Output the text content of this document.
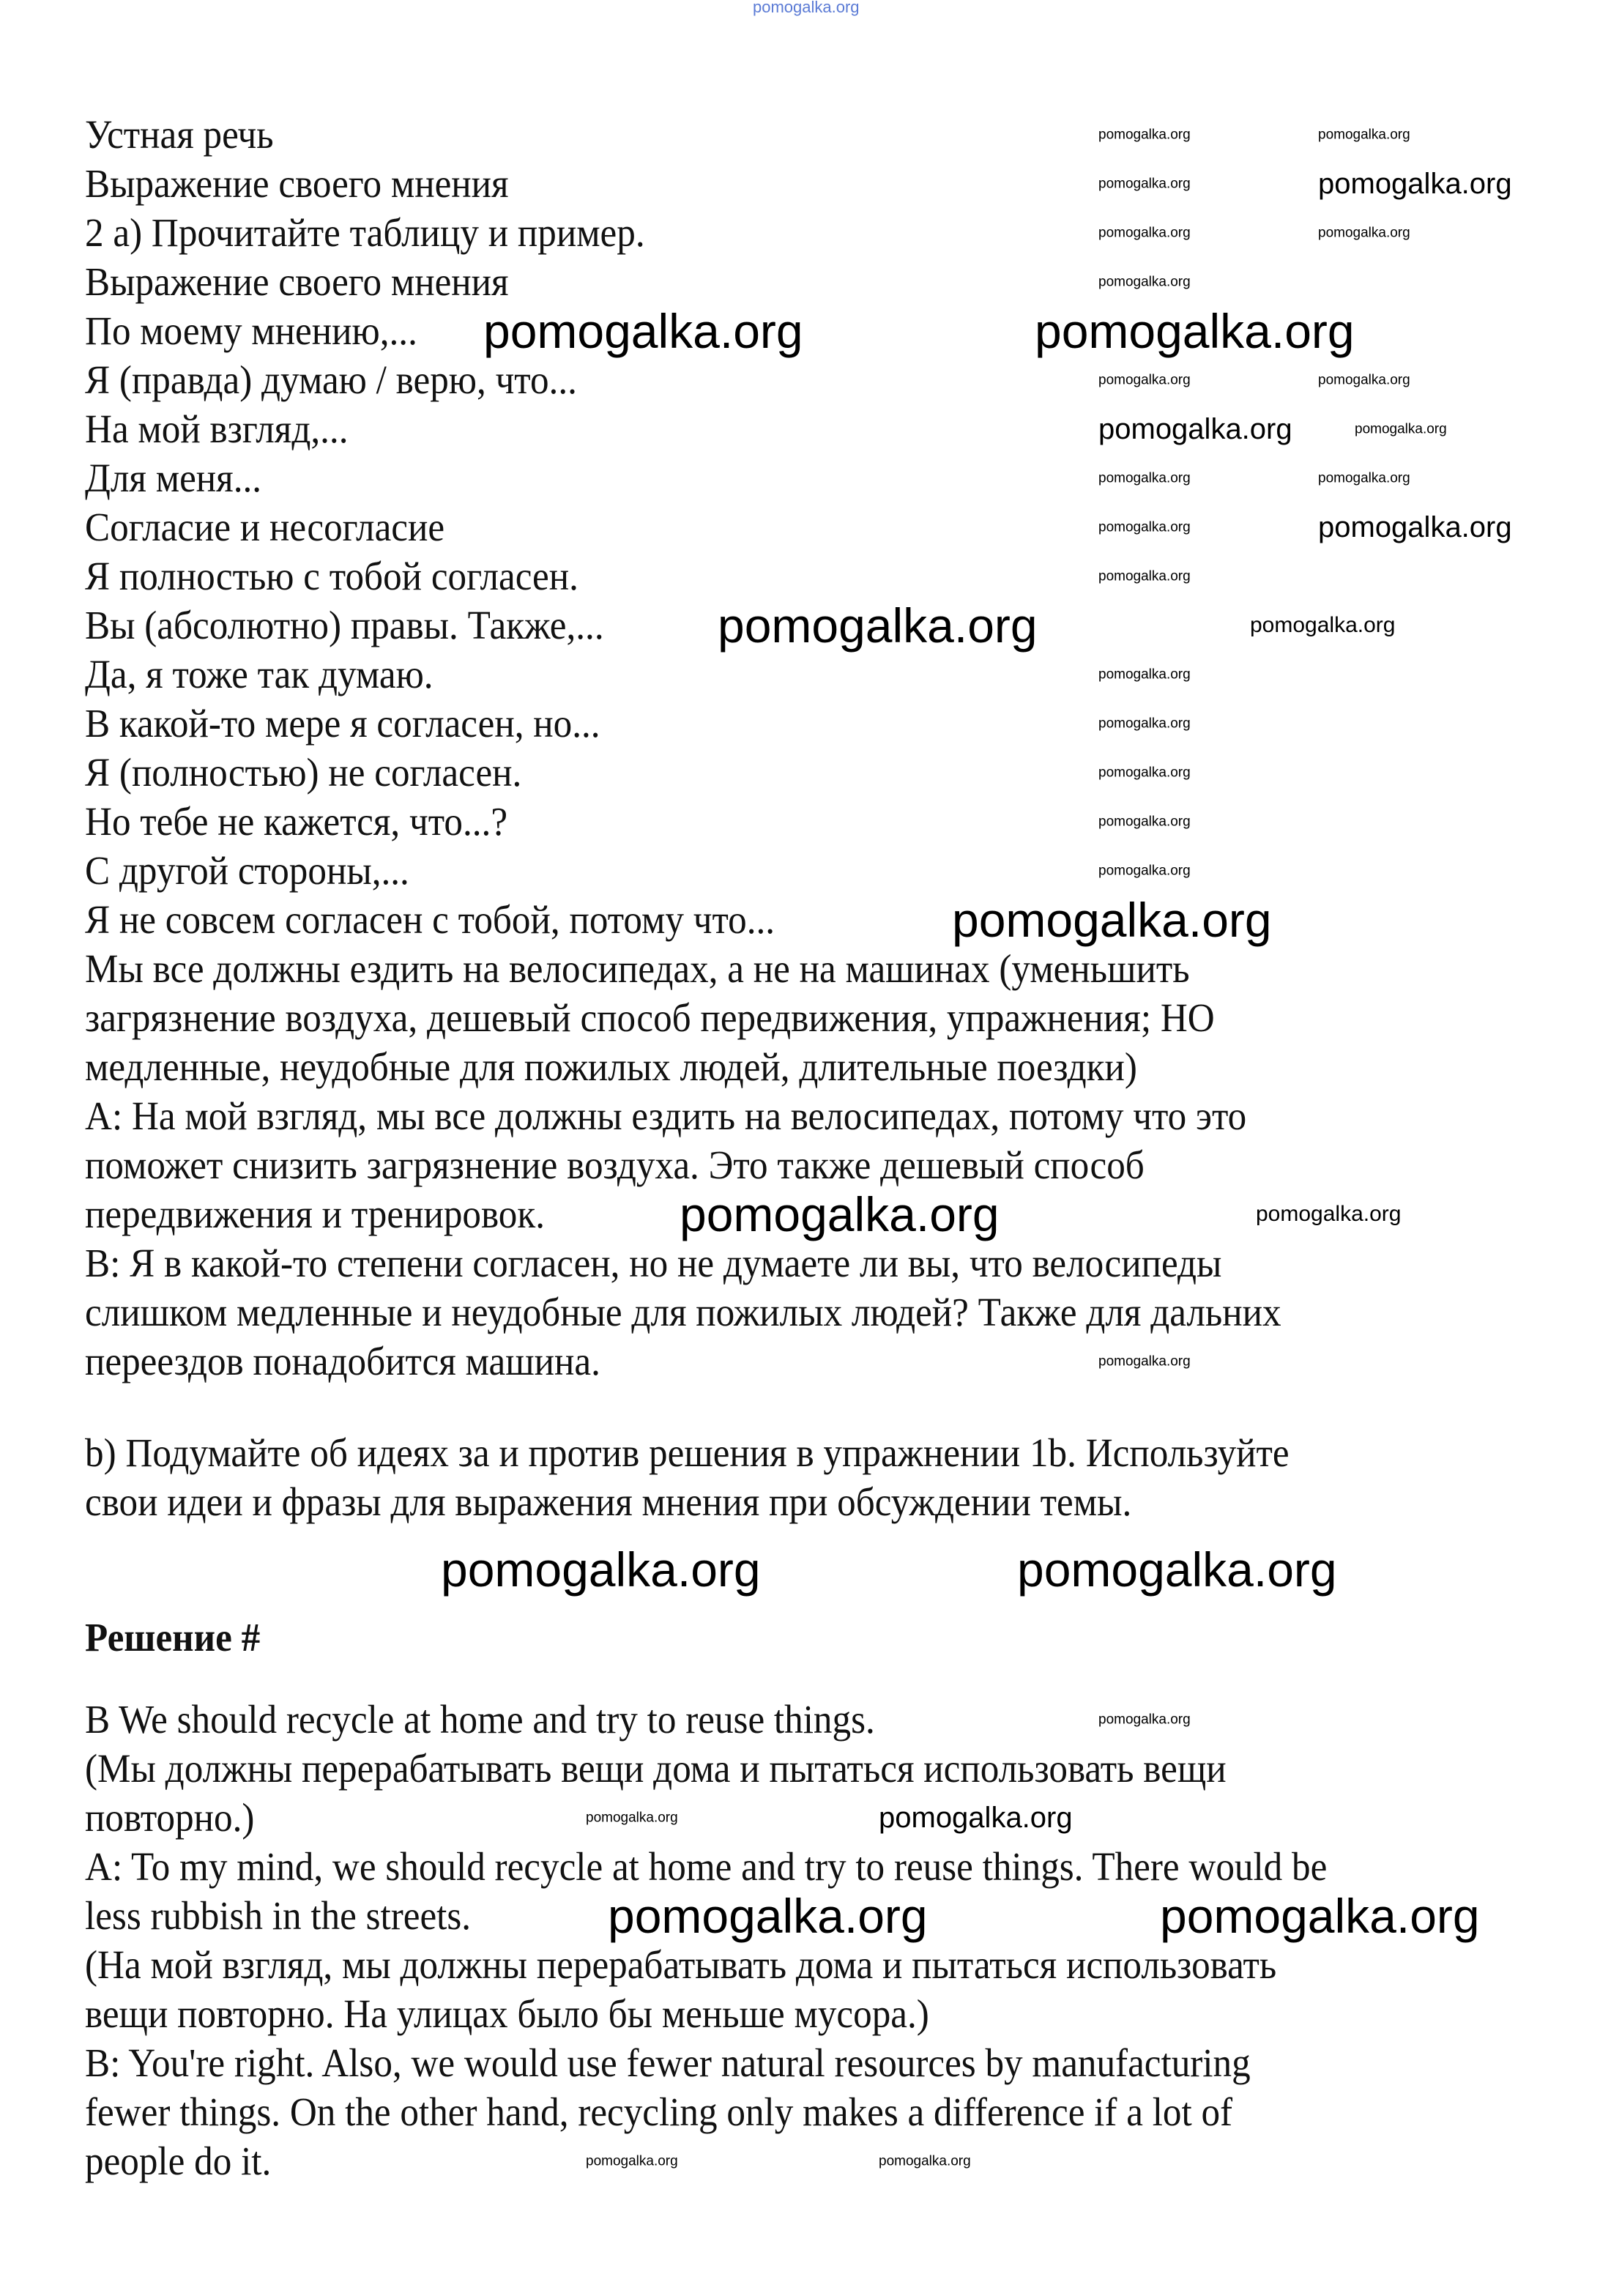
Устная речь
Выражение своего мнения
2 а) Прочитайте таблицу и пример.
Выражение своего мнения
По моему мнению,...
Я (правда) думаю / верю, что...
На мой взгляд,...
Для меня...
Согласие и несогласие
Я полностью с тобой согласен.
Вы (абсолютно) правы. Также,...
Да, я тоже так думаю.
В какой-то мере я согласен, но...
Я (полностью) не согласен.
Но тебе не кажется, что...?
С другой стороны,...
Я не совсем согласен с тобой, потому что...
Мы все должны ездить на велосипедах, а не на машинах (уменьшить
загрязнение воздуха, дешевый способ передвижения, упражнения; НО
медленные, неудобные для пожилых людей, длительные поездки)
A: На мой взгляд, мы все должны ездить на велосипедах, потому что это
поможет снизить загрязнение воздуха. Это также дешевый способ
передвижения и тренировок.
B: Я в какой-то степени согласен, но не думаете ли вы, что велосипеды
слишком медленные и неудобные для пожилых людей? Также для дальних
переездов понадобится машина.
b) Подумайте об идеях за и против решения в упражнении 1b. Используйте
свои идеи и фразы для выражения мнения при обсуждении темы.
Решение #
B We should recycle at home and try to reuse things.
(Мы должны перерабатывать вещи дома и пытаться использовать вещи
повторно.)
A: To my mind, we should recycle at home and try to reuse things. There would be
less rubbish in the streets.
(На мой взгляд, мы должны перерабатывать дома и пытаться использовать
вещи повторно. На улицах было бы меньше мусора.)
B: You're right. Also, we would use fewer natural resources by manufacturing
fewer things. On the other hand, recycling only makes a difference if a lot of
people do it.
pomogalka.org
pomogalka.org	pomogalka.org
pomogalka.org	pomogalka.org
pomogalka.org
pomogalka.org	pomogalka.org
pomogalka.org	pomogalka.org
pomogalka.org	pomogalka.org
pomogalka.org	pomogalka.org
pomogalka.org	pomogalka.org
pomogalka.org	pomogalka.org
pomogalka.org
pomogalka.org	pomogalka.org
pomogalka.org	pomogalka.org
pomogalka.org	pomogalka.org
pomogalka.org	pomogalka.org
pomogalka.org
pomogalka.org
pomogalka.org
pomogalka.org
pomogalka.org
pomogalka.org
pomogalka.org
pomogalka.org
pomogalka.org	pomogalka.org
pomogalka.org	pomogalka.org
